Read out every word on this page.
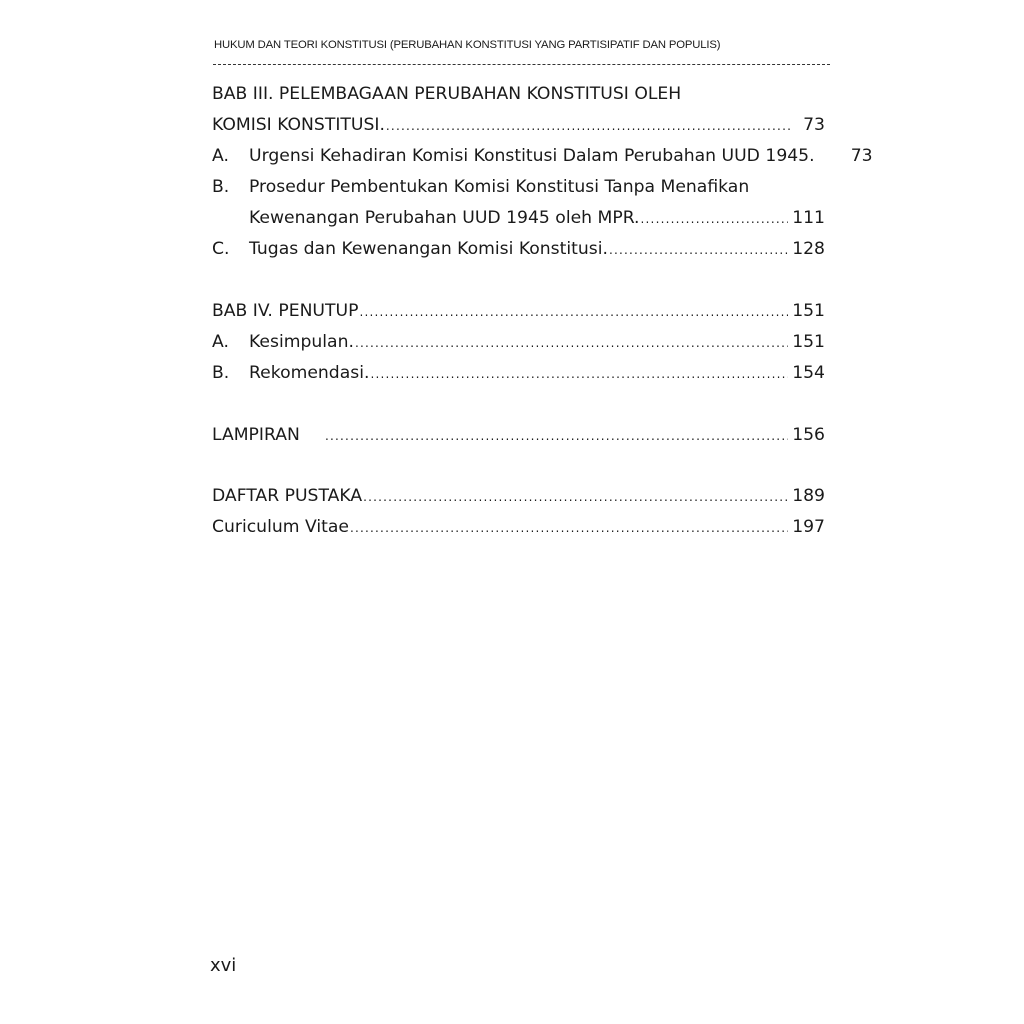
HUKUM DAN TEORI KONSTITUSI (PERUBAHAN KONSTITUSI YANG PARTISIPATIF DAN POPULIS)
BAB III. PELEMBAGAAN PERUBAHAN KONSTITUSI OLEH
KOMISI KONSTITUSI. .....	73
A.	Urgensi Kehadiran Komisi Konstitusi Dalam Perubahan UUD 1945.	73
B.	Prosedur Pembentukan Komisi Konstitusi Tanpa Menafikan
Kewenangan Perubahan UUD 1945 oleh MPR. .....	111
C.	Tugas dan Kewenangan Komisi Konstitusi. .....	128
BAB IV. PENUTUP .....	151
A.	Kesimpulan. .....	151
B.	Rekomendasi. .....	154
LAMPIRAN .....	156
DAFTAR PUSTAKA .....	189
Curiculum Vitae .....	197
xvi
